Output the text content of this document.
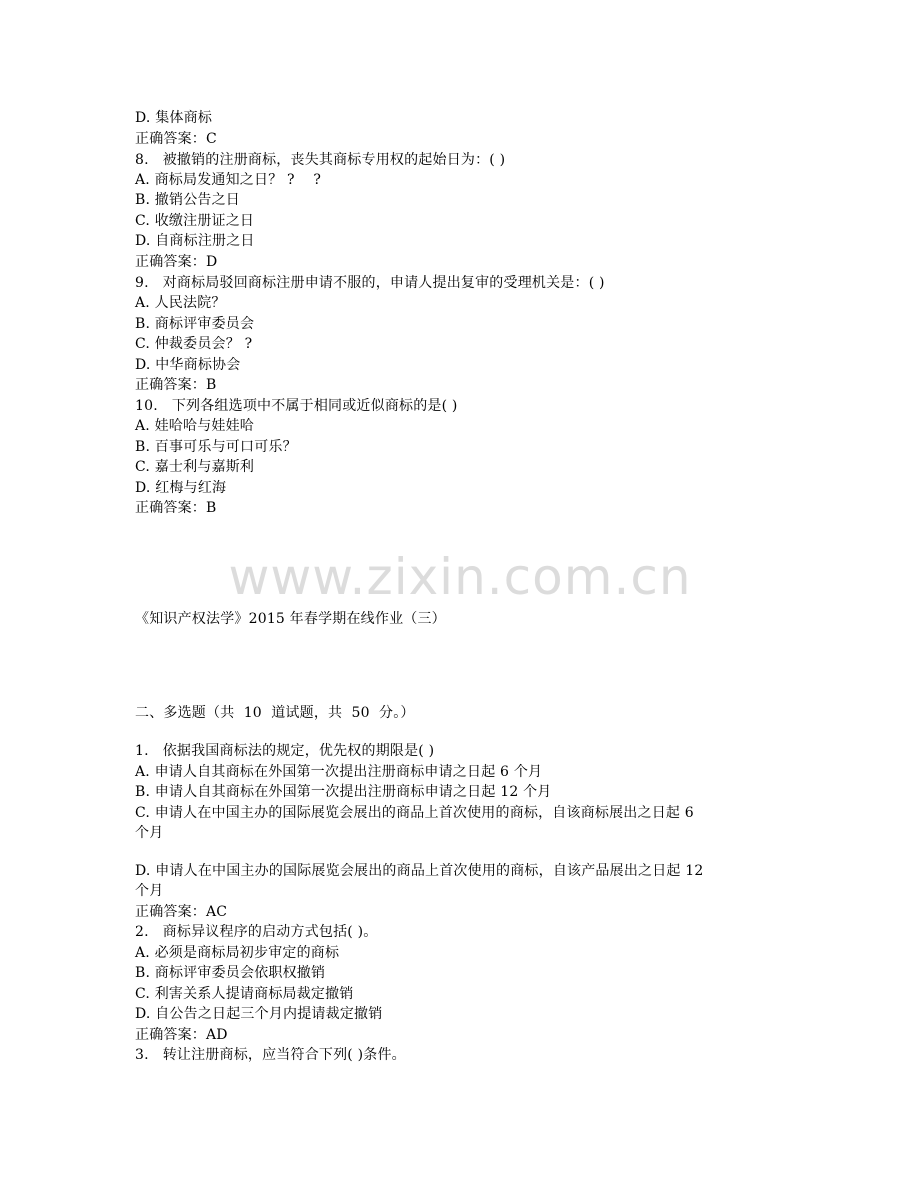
D. 集体商标
正确答案：C
8.   被撤销的注册商标，丧失其商标专用权的起始日为：( )
A. 商标局发通知之日？ ?    ?
B. 撤销公告之日
C. 收缴注册证之日
D. 自商标注册之日
正确答案：D
9.   对商标局驳回商标注册申请不服的，申请人提出复审的受理机关是：( )
A. 人民法院？
B. 商标评审委员会
C. 仲裁委员会？ ?
D. 中华商标协会
正确答案：B
10.   下列各组选项中不属于相同或近似商标的是( )
A. 娃哈哈与娃娃哈
B. 百事可乐与可口可乐？
C. 嘉士利与嘉斯利
D. 红梅与红海
正确答案：B
www.zixin.com.cn
《知识产权法学》2015 年春学期在线作业（三）
二、多选题（共  10  道试题，共  50  分。）
1.   依据我国商标法的规定，优先权的期限是( )
A. 申请人自其商标在外国第一次提出注册商标申请之日起 6 个月
B. 申请人自其商标在外国第一次提出注册商标申请之日起 12 个月
C. 申请人在中国主办的国际展览会展出的商品上首次使用的商标，自该商标展出之日起 6
个月
D. 申请人在中国主办的国际展览会展出的商品上首次使用的商标，自该产品展出之日起 12
个月
正确答案：AC
2.   商标异议程序的启动方式包括( )。
A. 必须是商标局初步审定的商标
B. 商标评审委员会依职权撤销
C. 利害关系人提请商标局裁定撤销
D. 自公告之日起三个月内提请裁定撤销
正确答案：AD
3.   转让注册商标，应当符合下列( )条件。
